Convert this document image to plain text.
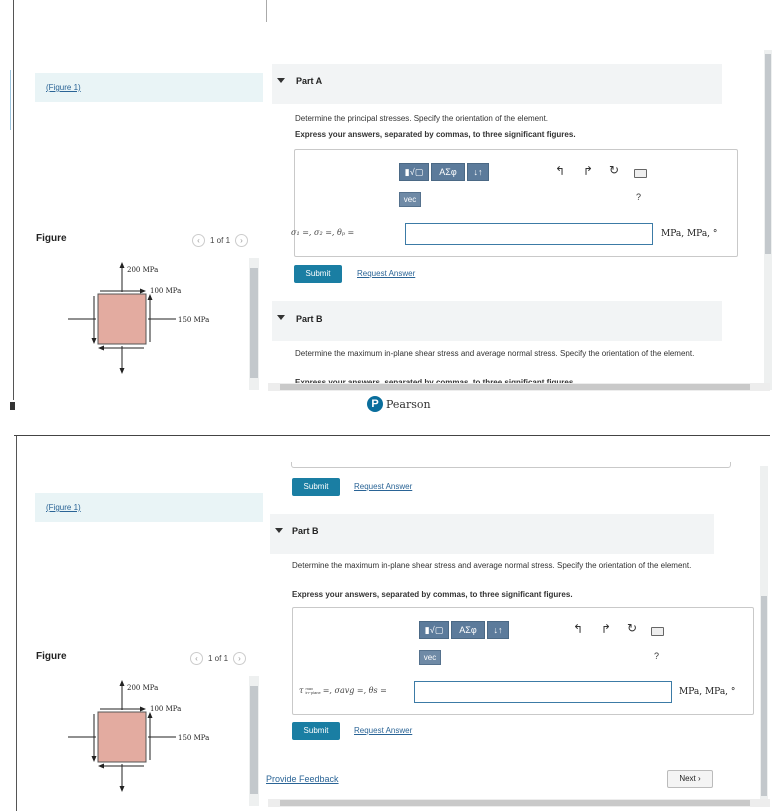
(Figure 1)
Figure	‹	1 of 1	›
200 MPa
100 MPa
150 MPa
Part A
Determine the principal stresses. Specify the orientation of the element.
Express your answers, separated by commas, to three significant figures.
▮√▢	ΑΣφ	↓↑
vec
↰ ↱ ↻
?
σ₁ =, σ₂ =, θₚ =	MPa, MPa, °
Submit	Request Answer
Part B
Determine the maximum in-plane shear stress and average normal stress. Specify the orientation of the element.
P Pearson
Submit	Request Answer
(Figure 1)
Figure	‹	1 of 1	›
200 MPa
100 MPa
150 MPa
Part B
Determine the maximum in-plane shear stress and average normal stress. Specify the orientation of the element.
Express your answers, separated by commas, to three significant figures.
▮√▢	ΑΣφ	↓↑
vec
↰ ↱ ↻
?
τ max
in−plane =, σavg =, θs =	MPa, MPa, °
Submit	Request Answer
Provide Feedback	Next ›
